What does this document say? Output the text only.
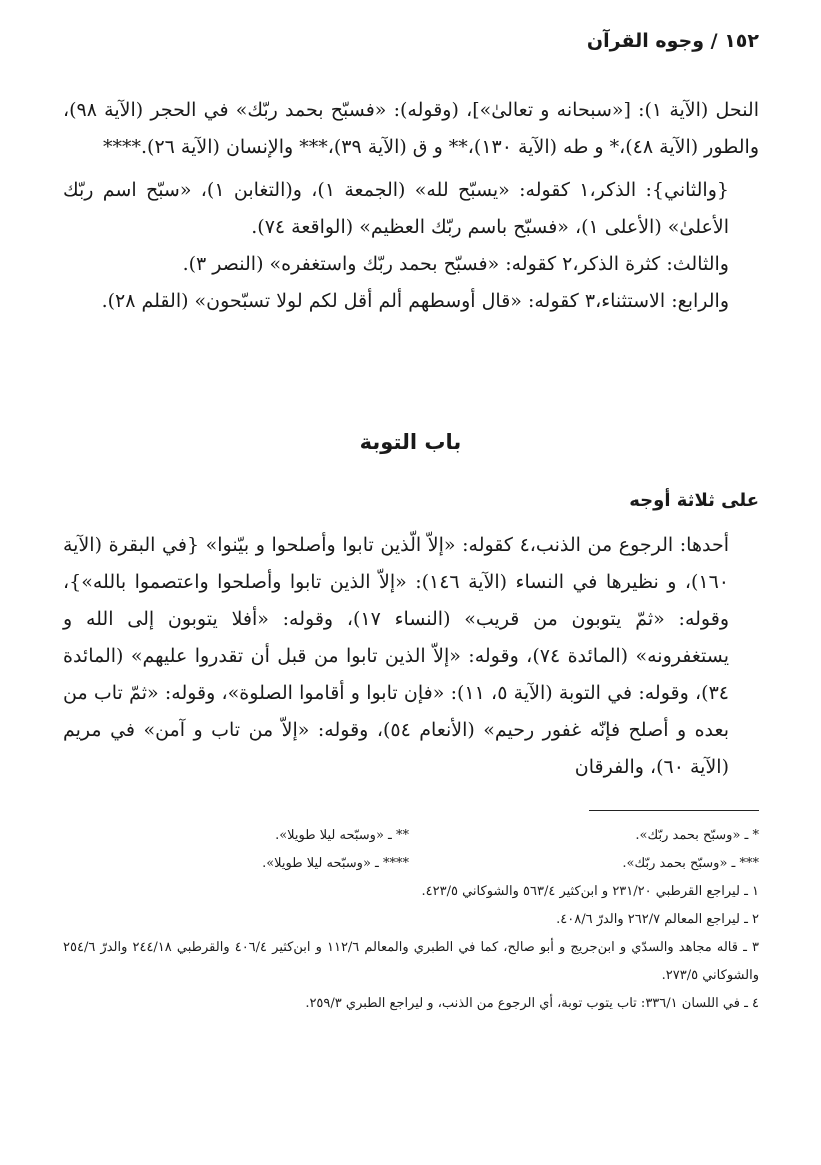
١٥٢ / وجوه القرآن

النحل (الآية ١): [«سبحانه و تعالىٰ»]، (وقوله): «فسبّح بحمد ربّك» في الحجر (الآية ٩٨)، والطور (الآية ٤٨)،* و طه (الآية ١٣٠)،** و ق (الآية ٣٩)،*** والإنسان (الآية ٢٦).****

{والثاني}: الذكر،١ كقوله: «يسبّح لله» (الجمعة ١)، و(التغابن ١)، «سبّح اسم ربّك الأعلىٰ» (الأعلى ١)، «فسبّح باسم ربّك العظيم» (الواقعة ٧٤).

والثالث: كثرة الذكر،٢ كقوله: «فسبّح بحمد ربّك واستغفره» (النصر ٣).

والرابع: الاستثناء،٣ كقوله: «قال أوسطهم ألم أقل لكم لولا تسبّحون» (القلم ٢٨).

باب التوبة
على ثلاثة أوجه

أحدها: الرجوع من الذنب،٤ كقوله: «إلاّ الّذين تابوا وأصلحوا و بيّنوا» {في البقرة (الآية ١٦٠)، و نظيرها في النساء (الآية ١٤٦): «إلاّ الذين تابوا وأصلحوا واعتصموا بالله»}، وقوله: «ثمّ يتوبون من قريب» (النساء ١٧)، وقوله: «أفلا يتوبون إلى الله و يستغفرونه» (المائدة ٧٤)، وقوله: «إلاّ الذين تابوا من قبل أن تقدروا عليهم» (المائدة ٣٤)، وقوله: في التوبة (الآية ٥، ١١): «فإن تابوا و أقاموا الصلوة»، وقوله: «ثمّ تاب من بعده و أصلح فإنّه غفور رحيم» (الأنعام ٥٤)، وقوله: «إلاّ من تاب و آمن» في مريم (الآية ٦٠)، والفرقان

* ـ «وسبّح بحمد ربّك».
** ـ «وسبّحه ليلا طويلا».
*** ـ «وسبّح بحمد ربّك».
**** ـ «وسبّحه ليلا طويلا».

١ ـ ليراجع القرطبي ٢٣١/٢٠ و ابن‌كثير ٥٦٣/٤ والشوكاني ٤٢٣/٥.

٢ ـ ليراجع المعالم ٢٦٢/٧ والدرّ ٤٠٨/٦.

٣ ـ قاله مجاهد والسدّي و ابن‌جريج و أبو صالح، كما في الطبري والمعالم ١١٢/٦ و ابن‌كثير ٤٠٦/٤ والقرطبي ٢٤٤/١٨ والدرّ ٢٥٤/٦ والشوكاني ٢٧٣/٥.

٤ ـ في اللسان ٣٣٦/١: تاب يتوب توبة، أي الرجوع من الذنب، و ليراجع الطبري ٢٥٩/٣.
